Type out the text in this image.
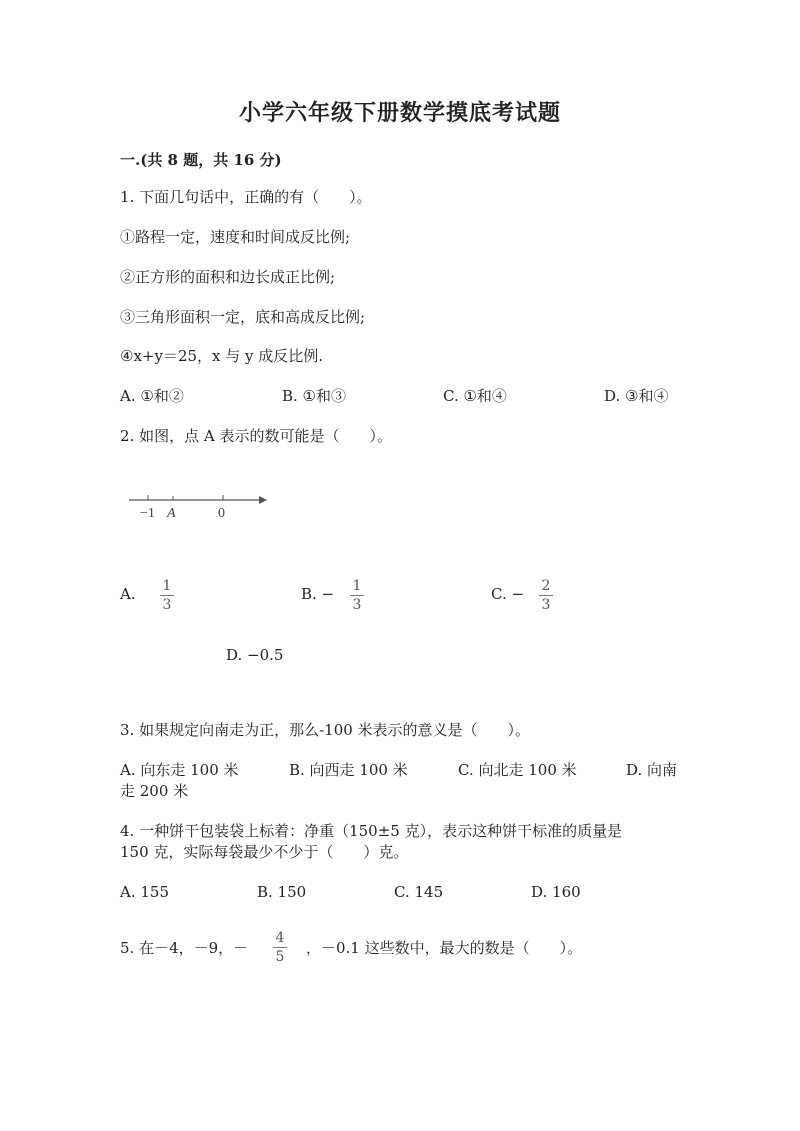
小学六年级下册数学摸底考试题
一.(共 8 题，共 16 分)
1. 下面几句话中，正确的有（　　）。
①路程一定，速度和时间成反比例;
②正方形的面积和边长成正比例;
③三角形面积一定，底和高成反比例;
④x+y＝25，x 与 y 成反比例.
A. ①和②	B. ①和③	C. ①和④	D. ③和④
2. 如图，点 A 表示的数可能是（　　）。
−1 A	0
A. 1
3
B. − 1
3
C. − 2
3
D. −0.5
3. 如果规定向南走为正，那么-100 米表示的意义是（　　）。
A. 向东走 100 米	B. 向西走 100 米	C. 向北走 100 米	D. 向南
走 200 米
4. 一种饼干包装袋上标着：净重（150±5 克），表示这种饼干标准的质量是
150 克，实际每袋最少不少于（　　）克。
A. 155	B. 150	C. 145	D. 160
5. 在－4，－9，－
4
5 ，－0.1 这些数中，最大的数是（　　）。
